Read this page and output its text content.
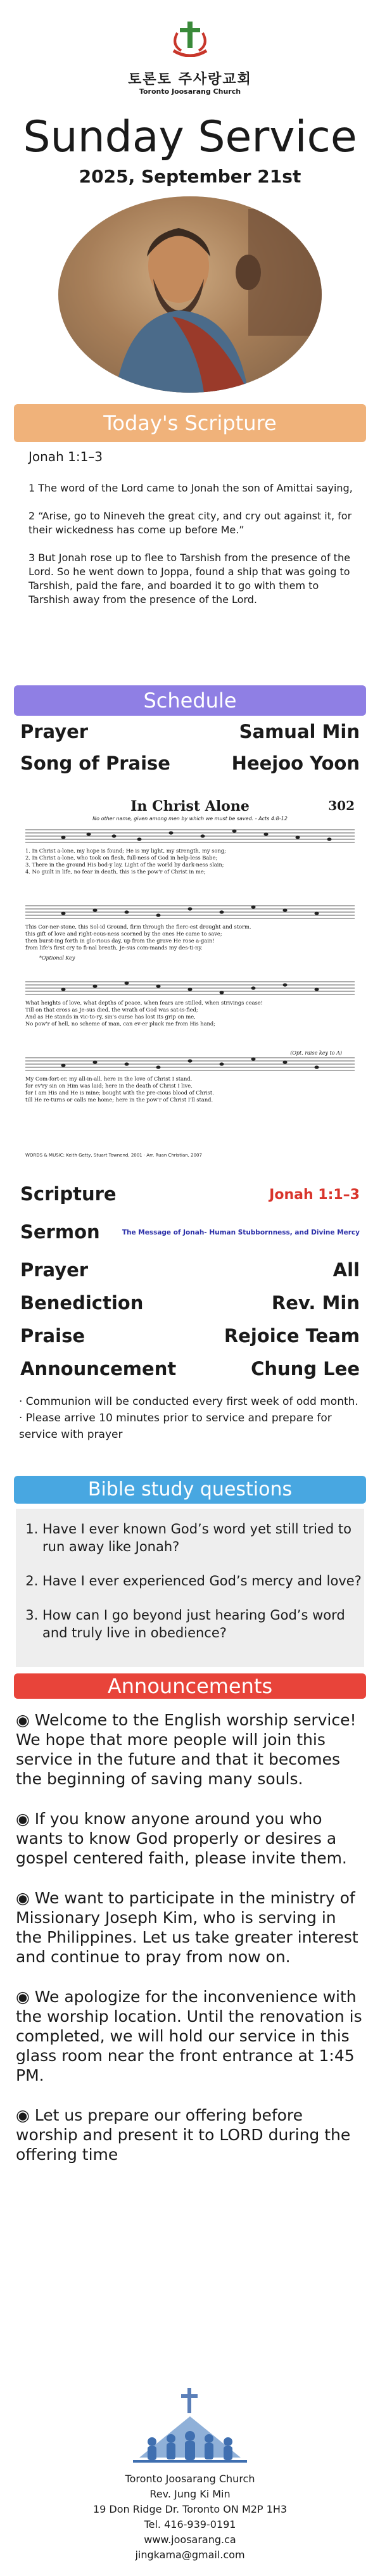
토론토 주사랑교회
Toronto Joosarang Church
Sunday Service
2025, September 21st
Today's Scripture

Jonah 1:1–3

1 The word of the Lord came to Jonah the son of Amittai saying,

2 “Arise, go to Nineveh the great city, and cry out against it, for their wickedness has come up before Me.”

3 But Jonah rose up to flee to Tarshish from the presence of the Lord. So he went down to Joppa, found a ship that was going to Tarshish, paid the fare, and boarded it to go with them to Tarshish away from the presence of the Lord.

Schedule
Prayer	Samual Min
Song of Praise	Heejoo Yoon
In Christ Alone	302
No other name, given among men by which we must be saved. - Acts 4:8-12
1. In Christ a-lone, my hope is found; He is my light, my strength, my song;
2. In Christ a-lone, who took on flesh, full-ness of God in help-less Babe;
3. There in the ground His bod-y lay, Light of the world by dark-ness slain;
4. No guilt in life, no fear in death, this is the pow'r of Christ in me;
This Cor-ner-stone, this Sol-id Ground, firm through the fierc-est drought and storm.
this gift of love and right-eous-ness scorned by the ones He came to save;
then burst-ing forth in glo-rious day, up from the grave He rose a-gain!
from life's first cry to fi-nal breath, Je-sus com-mands my des-ti-ny.
*Optional Key
What heights of love, what depths of peace, when fears are stilled, when strivings cease!
Till on that cross as Je-sus died, the wrath of God was sat-is-fied;
And as He stands in vic-to-ry, sin's curse has lost its grip on me,
No pow'r of hell, no scheme of man, can ev-er pluck me from His hand;
(Opt. raise key to A)
My Com-fort-er, my all-in-all, here in the love of Christ I stand.
for ev'ry sin on Him was laid; here in the death of Christ I live.
for I am His and He is mine; bought with the pre-cious blood of Christ.
till He re-turns or calls me home; here in the pow'r of Christ I'll stand.
WORDS & MUSIC: Keith Getty, Stuart Townend, 2001 · Arr. Ruan Christian, 2007
Scripture	Jonah 1:1–3
Sermon	The Message of Jonah- Human Stubbornness, and Divine Mercy
Prayer	All
Benediction	Rev. Min
Praise	Rejoice Team
Announcement	Chung Lee
· Communion will be conducted every first week of odd month.
· Please arrive 10 minutes prior to service and prepare for service with prayer
Bible study questions
1. Have I ever known God’s word yet still tried to run away like Jonah?
2. Have I ever experienced God’s mercy and love?
3. How can I go beyond just hearing God’s word and truly live in obedience?
Announcements

◉ Welcome to the English worship service! We hope that more people will join this service in the future and that it becomes the beginning of saving many souls.

◉ If you know anyone around you who wants to know God properly or desires a gospel centered faith, please invite them.

◉ We want to participate in the ministry of Missionary Joseph Kim, who is serving in the Philippines. Let us take greater interest and continue to pray from now on.

◉ We apologize for the inconvenience with the worship location. Until the renovation is completed, we will hold our service in this glass room near the front entrance at 1:45 PM.

◉ Let us prepare our offering before worship and present it to LORD during the offering time

Toronto Joosarang Church
Rev. Jung Ki Min
19 Don Ridge Dr. Toronto ON M2P 1H3
Tel. 416-939-0191
www.joosarang.ca
jingkama@gmail.com
